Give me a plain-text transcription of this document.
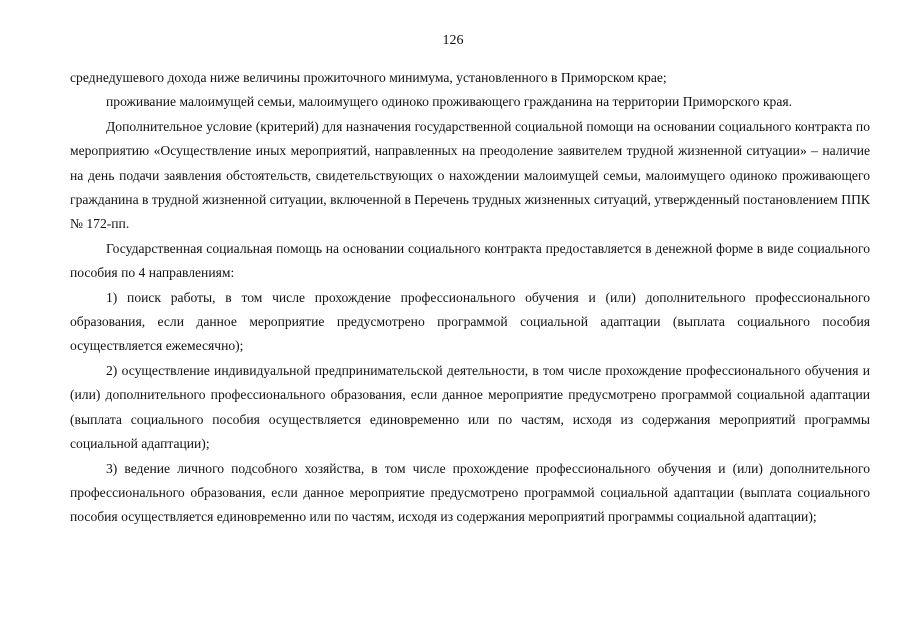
126

среднедушевого дохода ниже величины прожиточного минимума, установленного в Приморском крае;

проживание малоимущей семьи, малоимущего одиноко проживающего гражданина на территории Приморского края.

Дополнительное условие (критерий) для назначения государственной социальной помощи на основании социального контракта по мероприятию «Осуществление иных мероприятий, направленных на преодоление заявителем трудной жизненной ситуации» – наличие на день подачи заявления обстоятельств, свидетельствующих о нахождении малоимущей семьи, малоимущего одиноко проживающего гражданина в трудной жизненной ситуации, включенной в Перечень трудных жизненных ситуаций, утвержденный постановлением ППК № 172-пп.

Государственная социальная помощь на основании социального контракта предоставляется в денежной форме в виде социального пособия по 4 направлениям:

1) поиск работы, в том числе прохождение профессионального обучения и (или) дополнительного профессионального образования, если данное мероприятие предусмотрено программой социальной адаптации (выплата социального пособия осуществляется ежемесячно);

2) осуществление индивидуальной предпринимательской деятельности, в том числе прохождение профессионального обучения и (или) дополнительного профессионального образования, если данное мероприятие предусмотрено программой социальной адаптации (выплата социального пособия осуществляется единовременно или по частям, исходя из содержания мероприятий программы социальной адаптации);

3) ведение личного подсобного хозяйства, в том числе прохождение профессионального обучения и (или) дополнительного профессионального образования, если данное мероприятие предусмотрено программой социальной адаптации (выплата социального пособия осуществляется единовременно или по частям, исходя из содержания мероприятий программы социальной адаптации);
